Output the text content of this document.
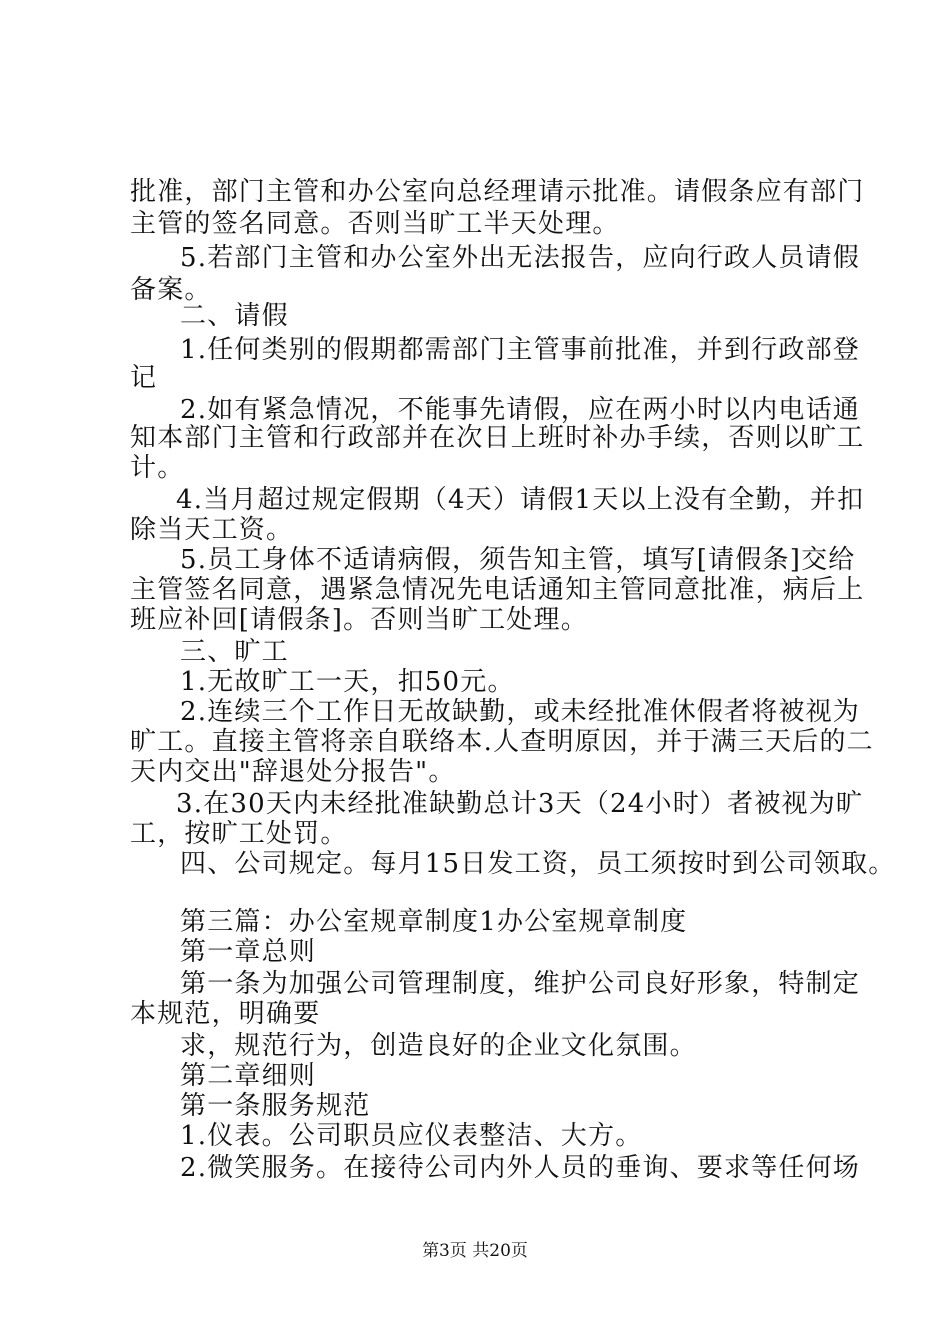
批准，部门主管和办公室向总经理请示批准。请假条应有部门
主管的签名同意。否则当旷工半天处理。
5.若部门主管和办公室外出无法报告，应向行政人员请假
备案。
二、请假
1.任何类别的假期都需部门主管事前批准，并到行政部登
记
2.如有紧急情况，不能事先请假，应在两小时以内电话通
知本部门主管和行政部并在次日上班时补办手续，否则以旷工
计。
4.当月超过规定假期（4天）请假1天以上没有全勤，并扣
除当天工资。
5.员工身体不适请病假，须告知主管，填写[请假条]交给
主管签名同意，遇紧急情况先电话通知主管同意批准，病后上
班应补回[请假条]。否则当旷工处理。
三、旷工
1.无故旷工一天，扣50元。
2.连续三个工作日无故缺勤，或未经批准休假者将被视为
旷工。直接主管将亲自联络本.人查明原因，并于满三天后的二
天内交出"辞退处分报告"。
3.在30天内未经批准缺勤总计3天（24小时）者被视为旷
工，按旷工处罚。
四、公司规定。每月15日发工资，员工须按时到公司领取。
第三篇：办公室规章制度1办公室规章制度
第一章总则
第一条为加强公司管理制度，维护公司良好形象，特制定
本规范，明确要
求，规范行为，创造良好的企业文化氛围。
第二章细则
第一条服务规范
1.仪表。公司职员应仪表整洁、大方。
2.微笑服务。在接待公司内外人员的垂询、要求等任何场
第3页 共20页
